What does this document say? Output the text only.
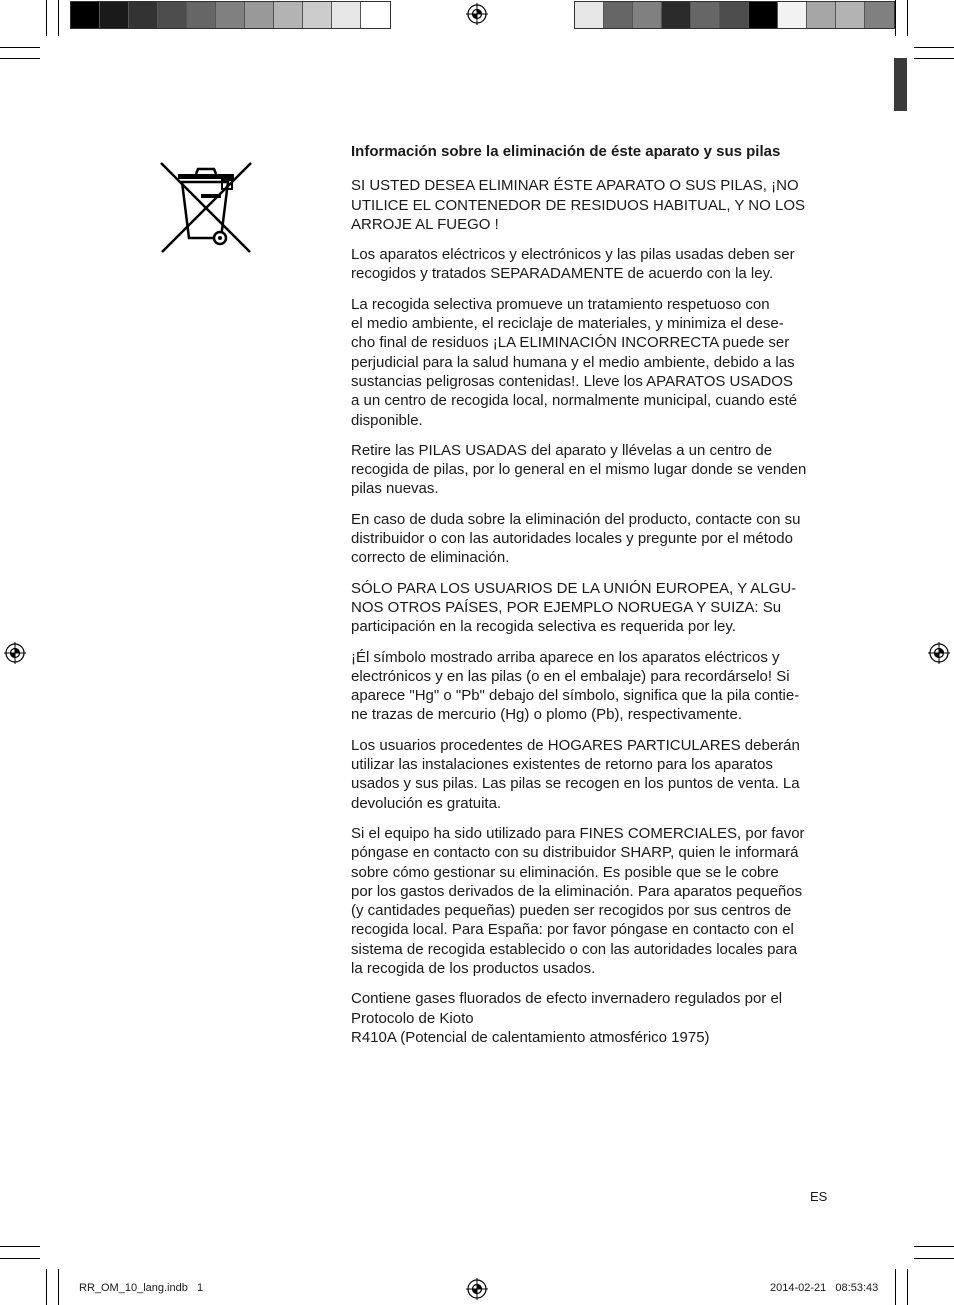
Información sobre la eliminación de éste aparato y sus pilas

SI USTED DESEA ELIMINAR ÉSTE APARATO O SUS PILAS, ¡NO
UTILICE EL CONTENEDOR DE RESIDUOS HABITUAL, Y NO LOS
ARROJE AL FUEGO !

Los aparatos eléctricos y electrónicos y las pilas usadas deben ser
recogidos y tratados SEPARADAMENTE de acuerdo con la ley.

La recogida selectiva promueve un tratamiento respetuoso con
el medio ambiente, el reciclaje de materiales, y minimiza el dese-
cho final de residuos ¡LA ELIMINACIÓN INCORRECTA puede ser
perjudicial para la salud humana y el medio ambiente, debido a las
sustancias peligrosas contenidas!. Lleve los APARATOS USADOS
a un centro de recogida local, normalmente municipal, cuando esté
disponible.

Retire las PILAS USADAS del aparato y llévelas a un centro de
recogida de pilas, por lo general en el mismo lugar donde se venden
pilas nuevas.

En caso de duda sobre la eliminación del producto, contacte con su
distribuidor o con las autoridades locales y pregunte por el método
correcto de eliminación.

SÓLO PARA LOS USUARIOS DE LA UNIÓN EUROPEA, Y ALGU-
NOS OTROS PAÍSES, POR EJEMPLO NORUEGA Y SUIZA: Su
participación en la recogida selectiva es requerida por ley.

¡Él símbolo mostrado arriba aparece en los aparatos eléctricos y
electrónicos y en las pilas (o en el embalaje) para recordárselo! Si
aparece "Hg" o "Pb" debajo del símbolo, significa que la pila contie-
ne trazas de mercurio (Hg) o plomo (Pb), respectivamente.

Los usuarios procedentes de HOGARES PARTICULARES deberán
utilizar las instalaciones existentes de retorno para los aparatos
usados y sus pilas. Las pilas se recogen en los puntos de venta. La
devolución es gratuita.

Si el equipo ha sido utilizado para FINES COMERCIALES, por favor
póngase en contacto con su distribuidor SHARP, quien le informará
sobre cómo gestionar su eliminación. Es posible que se le cobre
por los gastos derivados de la eliminación. Para aparatos pequeños
(y cantidades pequeñas) pueden ser recogidos por sus centros de
recogida local. Para España: por favor póngase en contacto con el
sistema de recogida establecido o con las autoridades locales para
la recogida de los productos usados.

Contiene gases fluorados de efecto invernadero regulados por el
Protocolo de Kioto
R410A (Potencial de calentamiento atmosférico 1975)

ES
RR_OM_10_lang.indb   1	2014-02-21   08:53:43
